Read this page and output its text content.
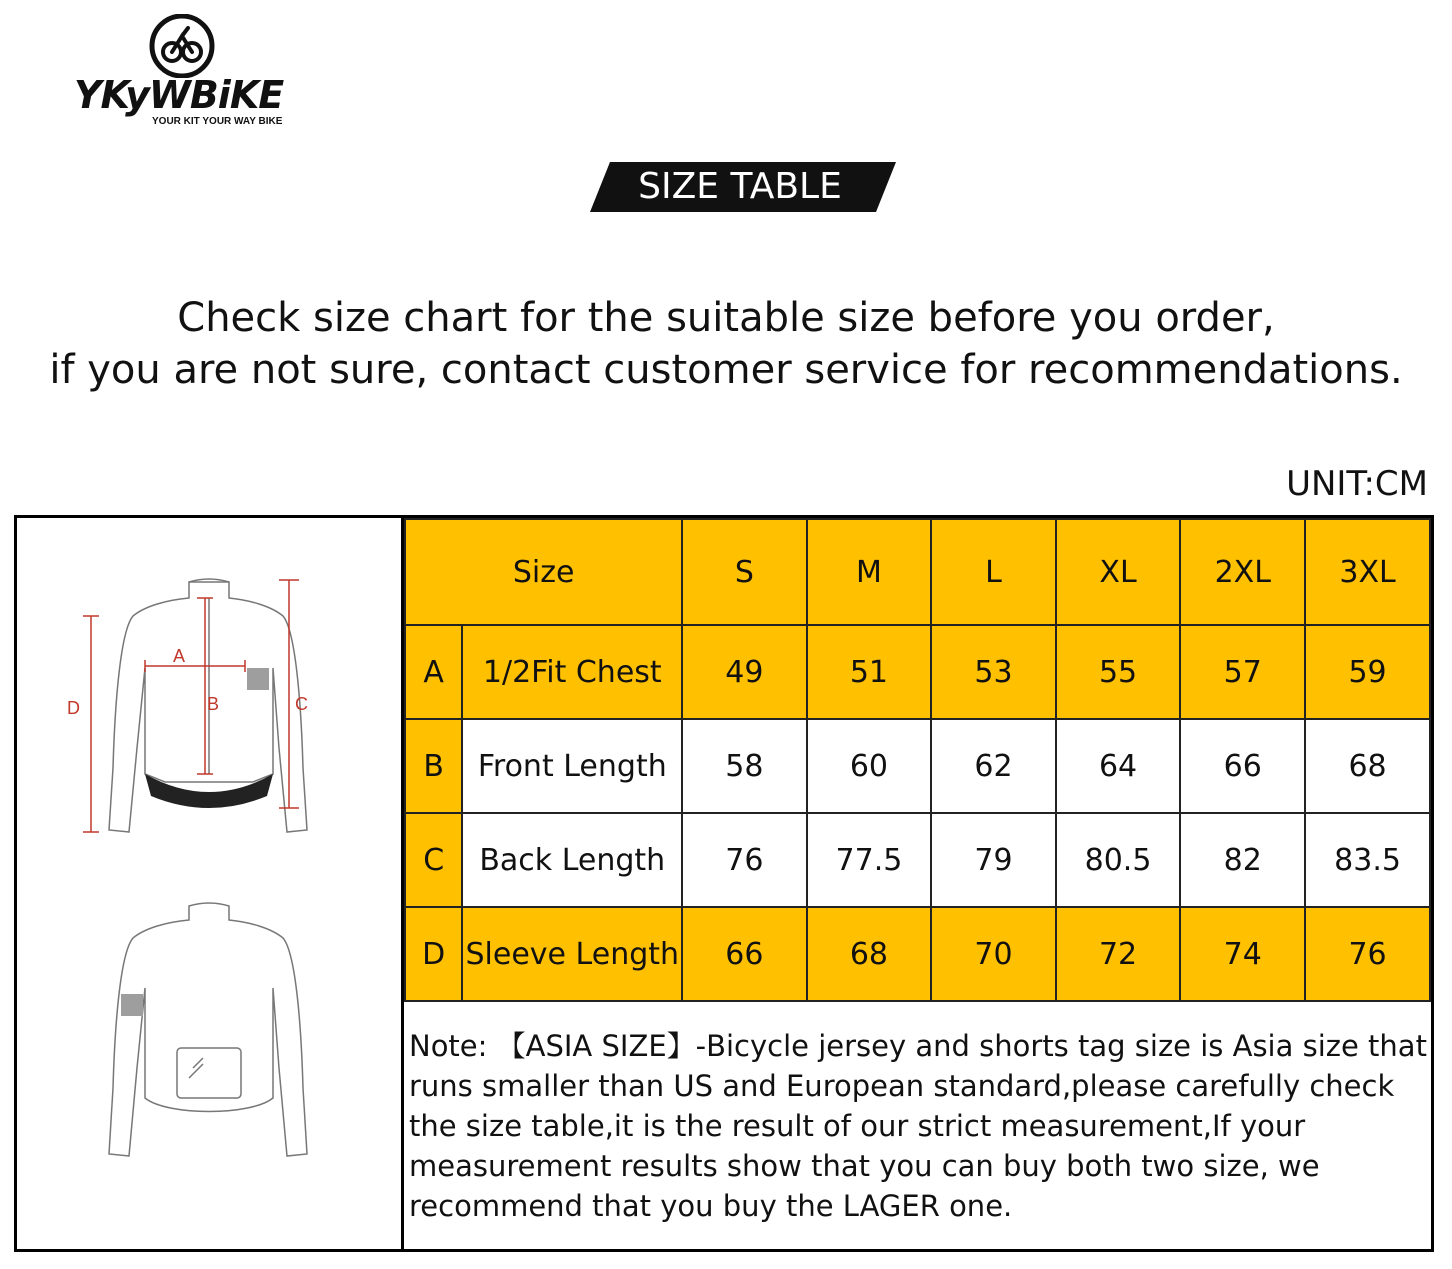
YKyWBiKE
YOUR KIT YOUR WAY BIKE
SIZE TABLE
Check size chart for the suitable size before you order,
if you are not sure, contact customer service for recommendations.
UNIT:CM
A
B	C
D
Size		S	M	L	XL	2XL	3XL
A	1/2Fit Chest	49	51	53	55	57	59
B	Front Length	58	60	62	64	66	68
C	Back Length	76	77.5	79	80.5	82	83.5
D	Sleeve Length	66	68	70	72	74	76
Note: 【ASIA SIZE】-Bicycle jersey and shorts tag size is Asia size that runs smaller than US and European standard,please carefully check the size table,it is the result of our strict measurement,If your measurement results show that you can buy both two size, we recommend that you buy the LAGER one.
